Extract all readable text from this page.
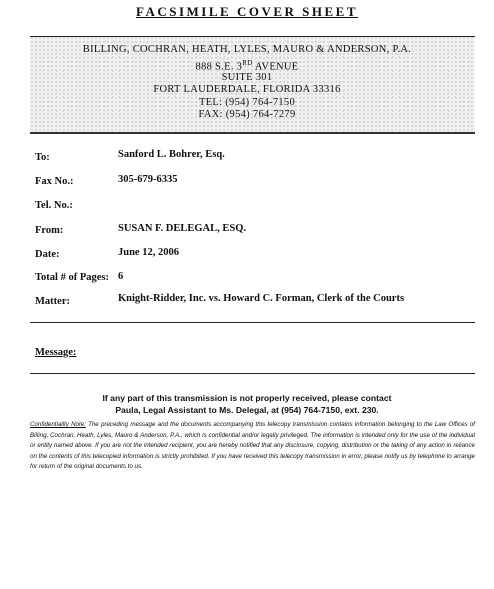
FACSIMILE COVER SHEET
BILLING, COCHRAN, HEATH, LYLES, MAURO & ANDERSON, P.A.
888 S.E. 3RD AVENUE
SUITE 301
FORT LAUDERDALE, FLORIDA 33316
TEL: (954) 764-7150
FAX: (954) 764-7279
To:	Sanford L. Bohrer, Esq.
Fax No.:	305-679-6335
Tel. No.:
From:	SUSAN F. DELEGAL, ESQ.
Date:	June 12, 2006
Total # of Pages: 6
Matter:	Knight-Ridder, Inc. vs. Howard C. Forman, Clerk of the Courts
Message:
If any part of this transmission is not properly received, please contact
Paula, Legal Assistant to Ms. Delegal, at (954) 764-7150, ext. 230.
Confidentiality Note: The preceding message and the documents accompanying this telecopy transmission contains information belonging to the Law Offices of Billing, Cochran, Heath, Lyles, Mauro & Anderson, P.A., which is confidential and/or legally privileged. The information is intended only for the use of the individual or entity named above. If you are not the intended recipient, you are hereby notified that any disclosure, copying, distribution or the taking of any action in reliance on the contents of this telecopied information is strictly prohibited. If you have received this telecopy transmission in error, please notify us by telephone to arrange for return of the original documents to us.
